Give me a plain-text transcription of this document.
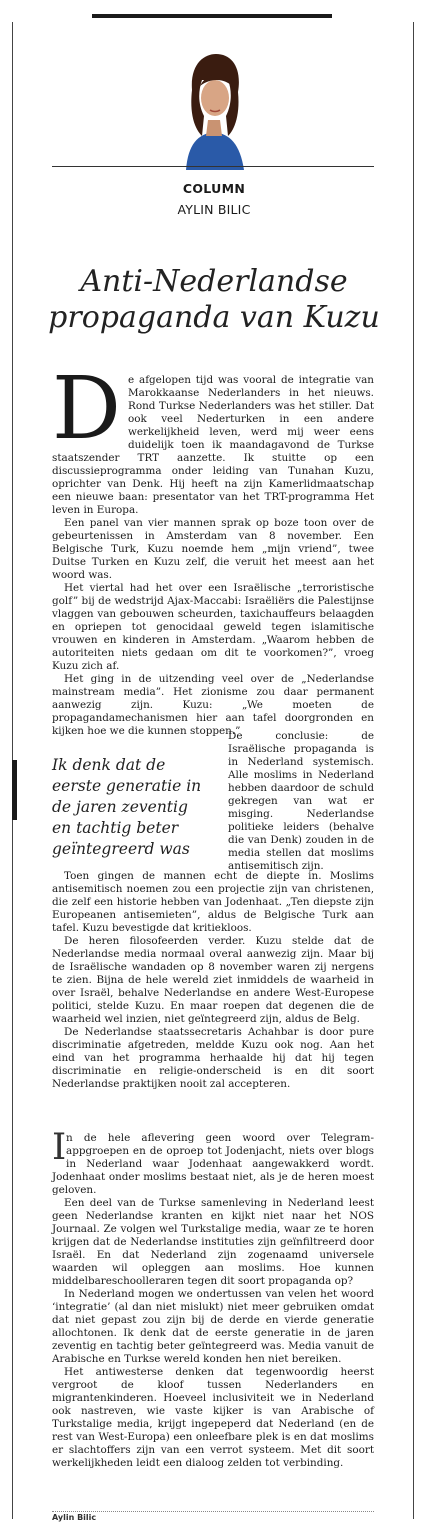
COLUMN
AYLIN BILIC
Anti-Nederlandse
propaganda van Kuzu
D e afgelopen tijd was vooral de integratie van Marokkaanse Nederlanders in het nieuws. Rond Turkse Nederlanders was het stiller. Dat ook veel Nederturken in een andere werkelijkheid leven, werd mij weer eens duidelijk toen ik maandagavond de Turkse staatszender TRT aanzette. Ik stuitte op een discussieprogramma onder leiding van Tunahan Kuzu, oprichter van Denk. Hij heeft na zijn Kamerlidmaatschap een nieuwe baan: presentator van het TRT-programma Het leven in Europa.

Een panel van vier mannen sprak op boze toon over de gebeurtenissen in Amsterdam van 8 november. Een Belgische Turk, Kuzu noemde hem „mijn vriend”, twee Duitse Turken en Kuzu zelf, die veruit het meest aan het woord was.

Het viertal had het over een Israëlische „terroristische golf” bij de wedstrijd Ajax-Maccabi: Israëliërs die Palestijnse vlaggen van gebouwen scheurden, taxichauffeurs belaagden en opriepen tot genocidaal geweld tegen islamitische vrouwen en kinderen in Amsterdam. „Waarom hebben de autoriteiten niets gedaan om dit te voorkomen?”, vroeg Kuzu zich af.

Het ging in de uitzending veel over de „Nederlandse mainstream media”. Het zionisme zou daar permanent aanwezig zijn. Kuzu: „We moeten de propagandamechanismen hier aan tafel doorgronden en kijken hoe we die kunnen stoppen.”

Ik denk dat de eerste generatie in de jaren zeventig en tachtig beter geïntegreerd was

De conclusie: de Israëlische propaganda is in Nederland systemisch. Alle moslims in Nederland hebben daardoor de schuld gekregen van wat er misging. Nederlandse politieke leiders (behalve die van Denk) zouden in de media stellen dat moslims antisemitisch zijn.

Toen gingen de mannen echt de diepte in. Moslims antisemitisch noemen zou een projectie zijn van christenen, die zelf een historie hebben van Jodenhaat. „Ten diepste zijn Europeanen antisemieten”, aldus de Belgische Turk aan tafel. Kuzu bevestigde dat kritiekloos.

De heren filosofeerden verder. Kuzu stelde dat de Nederlandse media normaal overal aanwezig zijn. Maar bij de Israëlische wandaden op 8 november waren zij nergens te zien. Bijna de hele wereld ziet inmiddels de waarheid in over Israël, behalve Nederlandse en andere West-Europese politici, stelde Kuzu. En maar roepen dat degenen die de waarheid wel inzien, niet geïntegreerd zijn, aldus de Belg.

De Nederlandse staatssecretaris Achahbar is door pure discriminatie afgetreden, meldde Kuzu ook nog. Aan het eind van het programma herhaalde hij dat hij tegen discriminatie en religie-onderscheid is en dit soort Nederlandse praktijken nooit zal accepteren.

I n de hele aflevering geen woord over Telegram-appgroepen en de oproep tot Jodenjacht, niets over blogs in Nederland waar Jodenhaat aangewakkerd wordt. Jodenhaat onder moslims bestaat niet, als je de heren moest geloven.

Een deel van de Turkse samenleving in Nederland leest geen Nederlandse kranten en kijkt niet naar het NOS Journaal. Ze volgen wel Turkstalige media, waar ze te horen krijgen dat de Nederlandse instituties zijn geïnfiltreerd door Israël. En dat Nederland zijn zogenaamd universele waarden wil opleggen aan moslims. Hoe kunnen middelbareschoolleraren tegen dit soort propaganda op?

In Nederland mogen we ondertussen van velen het woord ‘integratie’ (al dan niet mislukt) niet meer gebruiken omdat dat niet gepast zou zijn bij de derde en vierde generatie allochtonen. Ik denk dat de eerste generatie in de jaren zeventig en tachtig beter geïntegreerd was. Media vanuit de Arabische en Turkse wereld konden hen niet bereiken.

Het antiwesterse denken dat tegenwoordig heerst vergroot de kloof tussen Nederlanders en migrantenkinderen. Hoeveel inclusiviteit we in Nederland ook nastreven, wie vaste kijker is van Arabische of Turkstalige media, krijgt ingepeperd dat Nederland (en de rest van West-Europa) een onleefbare plek is en dat moslims er slachtoffers zijn van een verrot systeem. Met dit soort werkelijkheden leidt een dialoog zelden tot verbinding.

Aylin Bilic
